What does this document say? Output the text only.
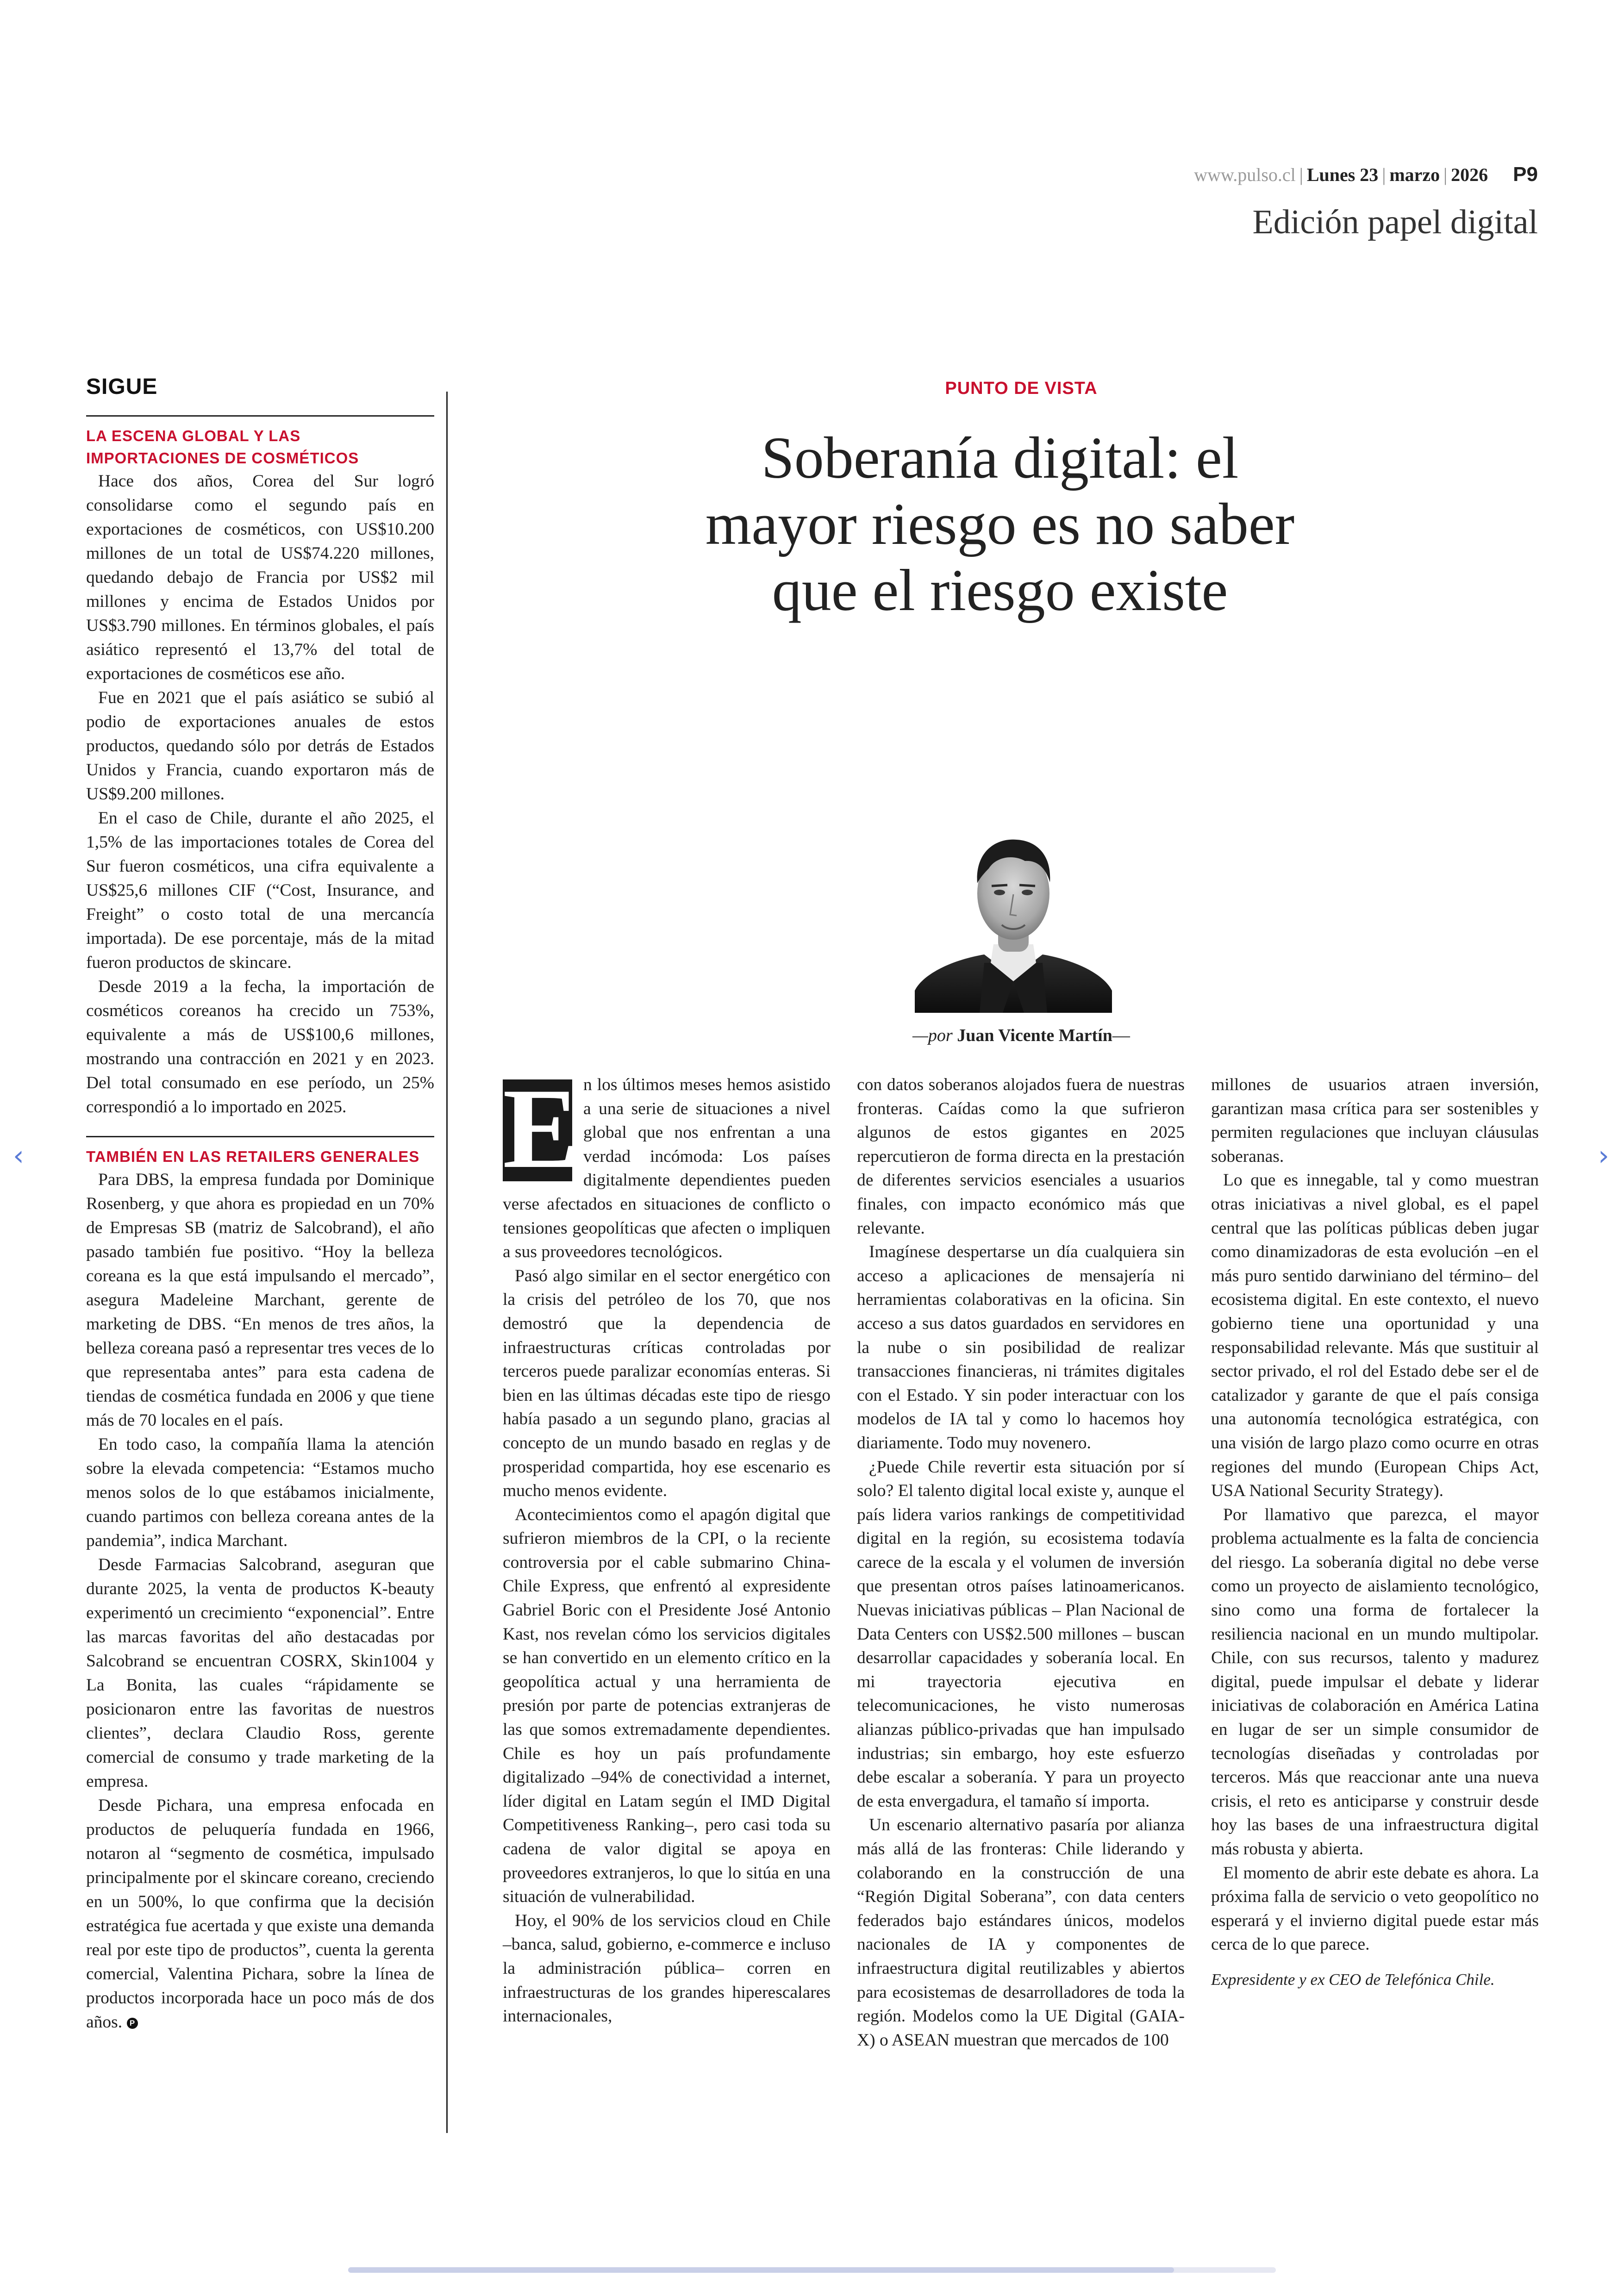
www.pulso.cl | Lunes 23 | marzo | 2026 P9
Edición papel digital
SIGUE
LA ESCENA GLOBAL Y LAS IMPORTACIONES DE COSMÉTICOS

Hace dos años, Corea del Sur logró consolidarse como el segundo país en exportaciones de cosméticos, con US$10.200 millones de un total de US$74.220 millones, quedando debajo de Francia por US$2 mil millones y encima de Estados Unidos por US$3.790 millones. En términos globales, el país asiático representó el 13,7% del total de exportaciones de cosméticos ese año.

Fue en 2021 que el país asiático se subió al podio de exportaciones anuales de estos productos, quedando sólo por detrás de Estados Unidos y Francia, cuando exportaron más de US$9.200 millones.

En el caso de Chile, durante el año 2025, el 1,5% de las importaciones totales de Corea del Sur fueron cosméticos, una cifra equivalente a US$25,6 millones CIF (“Cost, Insurance, and Freight” o costo total de una mercancía importada). De ese porcentaje, más de la mitad fueron productos de skincare.

Desde 2019 a la fecha, la importación de cosméticos coreanos ha crecido un 753%, equivalente a más de US$100,6 millones, mostrando una contracción en 2021 y en 2023. Del total consumado en ese período, un 25% correspondió a lo importado en 2025.

TAMBIÉN EN LAS RETAILERS GENERALES

Para DBS, la empresa fundada por Dominique Rosenberg, y que ahora es propiedad en un 70% de Empresas SB (matriz de Salcobrand), el año pasado también fue positivo. “Hoy la belleza coreana es la que está impulsando el mercado”, asegura Madeleine Marchant, gerente de marketing de DBS. “En menos de tres años, la belleza coreana pasó a representar tres veces de lo que representaba antes” para esta cadena de tiendas de cosmética fundada en 2006 y que tiene más de 70 locales en el país.

En todo caso, la compañía llama la atención sobre la elevada competencia: “Estamos mucho menos solos de lo que estábamos inicialmente, cuando partimos con belleza coreana antes de la pandemia”, indica Marchant.

Desde Farmacias Salcobrand, aseguran que durante 2025, la venta de productos K-beauty experimentó un crecimiento “exponencial”. Entre las marcas favoritas del año destacadas por Salcobrand se encuentran COSRX, Skin1004 y La Bonita, las cuales “rápidamente se posicionaron entre las favoritas de nuestros clientes”, declara Claudio Ross, gerente comercial de consumo y trade marketing de la empresa.

Desde Pichara, una empresa enfocada en productos de peluquería fundada en 1966, notaron al “segmento de cosmética, impulsado principalmente por el skincare coreano, creciendo en un 500%, lo que confirma que la decisión estratégica fue acertada y que existe una demanda real por este tipo de productos”, cuenta la gerenta comercial, Valentina Pichara, sobre la línea de productos incorporada hace un poco más de dos años. P

PUNTO DE VISTA
Soberanía digital: el mayor riesgo es no saber que el riesgo existe
—por Juan Vicente Martín—
E n los últimos meses hemos asistido a una serie de situaciones a nivel global que nos enfrentan a una verdad incómoda: Los países digitalmente dependientes pueden verse afectados en situaciones de conflicto o tensiones geopolíticas que afecten o impliquen a sus proveedores tecnológicos.

Pasó algo similar en el sector energético con la crisis del petróleo de los 70, que nos demostró que la dependencia de infraestructuras críticas controladas por terceros puede paralizar economías enteras. Si bien en las últimas décadas este tipo de riesgo había pasado a un segundo plano, gracias al concepto de un mundo basado en reglas y de prosperidad compartida, hoy ese escenario es mucho menos evidente.

Acontecimientos como el apagón digital que sufrieron miembros de la CPI, o la reciente controversia por el cable submarino China-Chile Express, que enfrentó al expresidente Gabriel Boric con el Presidente José Antonio Kast, nos revelan cómo los servicios digitales se han convertido en un elemento crítico en la geopolítica actual y una herramienta de presión por parte de potencias extranjeras de las que somos extremadamente dependientes. Chile es hoy un país profundamente digitalizado –94% de conectividad a internet, líder digital en Latam según el IMD Digital Competitiveness Ranking–, pero casi toda su cadena de valor digital se apoya en proveedores extranjeros, lo que lo sitúa en una situación de vulnerabilidad.

Hoy, el 90% de los servicios cloud en Chile –banca, salud, gobierno, e-commerce e incluso la administración pública– corren en infraestructuras de los grandes hiperescalares internacionales,

con datos soberanos alojados fuera de nuestras fronteras. Caídas como la que sufrieron algunos de estos gigantes en 2025 repercutieron de forma directa en la prestación de diferentes servicios esenciales a usuarios finales, con impacto económico más que relevante.

Imagínese despertarse un día cualquiera sin acceso a aplicaciones de mensajería ni herramientas colaborativas en la oficina. Sin acceso a sus datos guardados en servidores en la nube o sin posibilidad de realizar transacciones financieras, ni trámites digitales con el Estado. Y sin poder interactuar con los modelos de IA tal y como lo hacemos hoy diariamente. Todo muy novenero.

¿Puede Chile revertir esta situación por sí solo? El talento digital local existe y, aunque el país lidera varios rankings de competitividad digital en la región, su ecosistema todavía carece de la escala y el volumen de inversión que presentan otros países latinoamericanos. Nuevas iniciativas públicas – Plan Nacional de Data Centers con US$2.500 millones – buscan desarrollar capacidades y soberanía local. En mi trayectoria ejecutiva en telecomunicaciones, he visto numerosas alianzas público-privadas que han impulsado industrias; sin embargo, hoy este esfuerzo debe escalar a soberanía. Y para un proyecto de esta envergadura, el tamaño sí importa.

Un escenario alternativo pasaría por alianza más allá de las fronteras: Chile liderando y colaborando en la construcción de una “Región Digital Soberana”, con data centers federados bajo estándares únicos, modelos nacionales de IA y componentes de infraestructura digital reutilizables y abiertos para ecosistemas de desarrolladores de toda la región. Modelos como la UE Digital (GAIA-X) o ASEAN muestran que mercados de 100

millones de usuarios atraen inversión, garantizan masa crítica para ser sostenibles y permiten regulaciones que incluyan cláusulas soberanas.

Lo que es innegable, tal y como muestran otras iniciativas a nivel global, es el papel central que las políticas públicas deben jugar como dinamizadoras de esta evolución –en el más puro sentido darwiniano del término– del ecosistema digital. En este contexto, el nuevo gobierno tiene una oportunidad y una responsabilidad relevante. Más que sustituir al sector privado, el rol del Estado debe ser el de catalizador y garante de que el país consiga una autonomía tecnológica estratégica, con una visión de largo plazo como ocurre en otras regiones del mundo (European Chips Act, USA National Security Strategy).

Por llamativo que parezca, el mayor problema actualmente es la falta de conciencia del riesgo. La soberanía digital no debe verse como un proyecto de aislamiento tecnológico, sino como una forma de fortalecer la resiliencia nacional en un mundo multipolar. Chile, con sus recursos, talento y madurez digital, puede impulsar el debate y liderar iniciativas de colaboración en América Latina en lugar de ser un simple consumidor de tecnologías diseñadas y controladas por terceros. Más que reaccionar ante una nueva crisis, el reto es anticiparse y construir desde hoy las bases de una infraestructura digital más robusta y abierta.

El momento de abrir este debate es ahora. La próxima falla de servicio o veto geopolítico no esperará y el invierno digital puede estar más cerca de lo que parece.

Expresidente y ex CEO de Telefónica Chile.

‹	›
